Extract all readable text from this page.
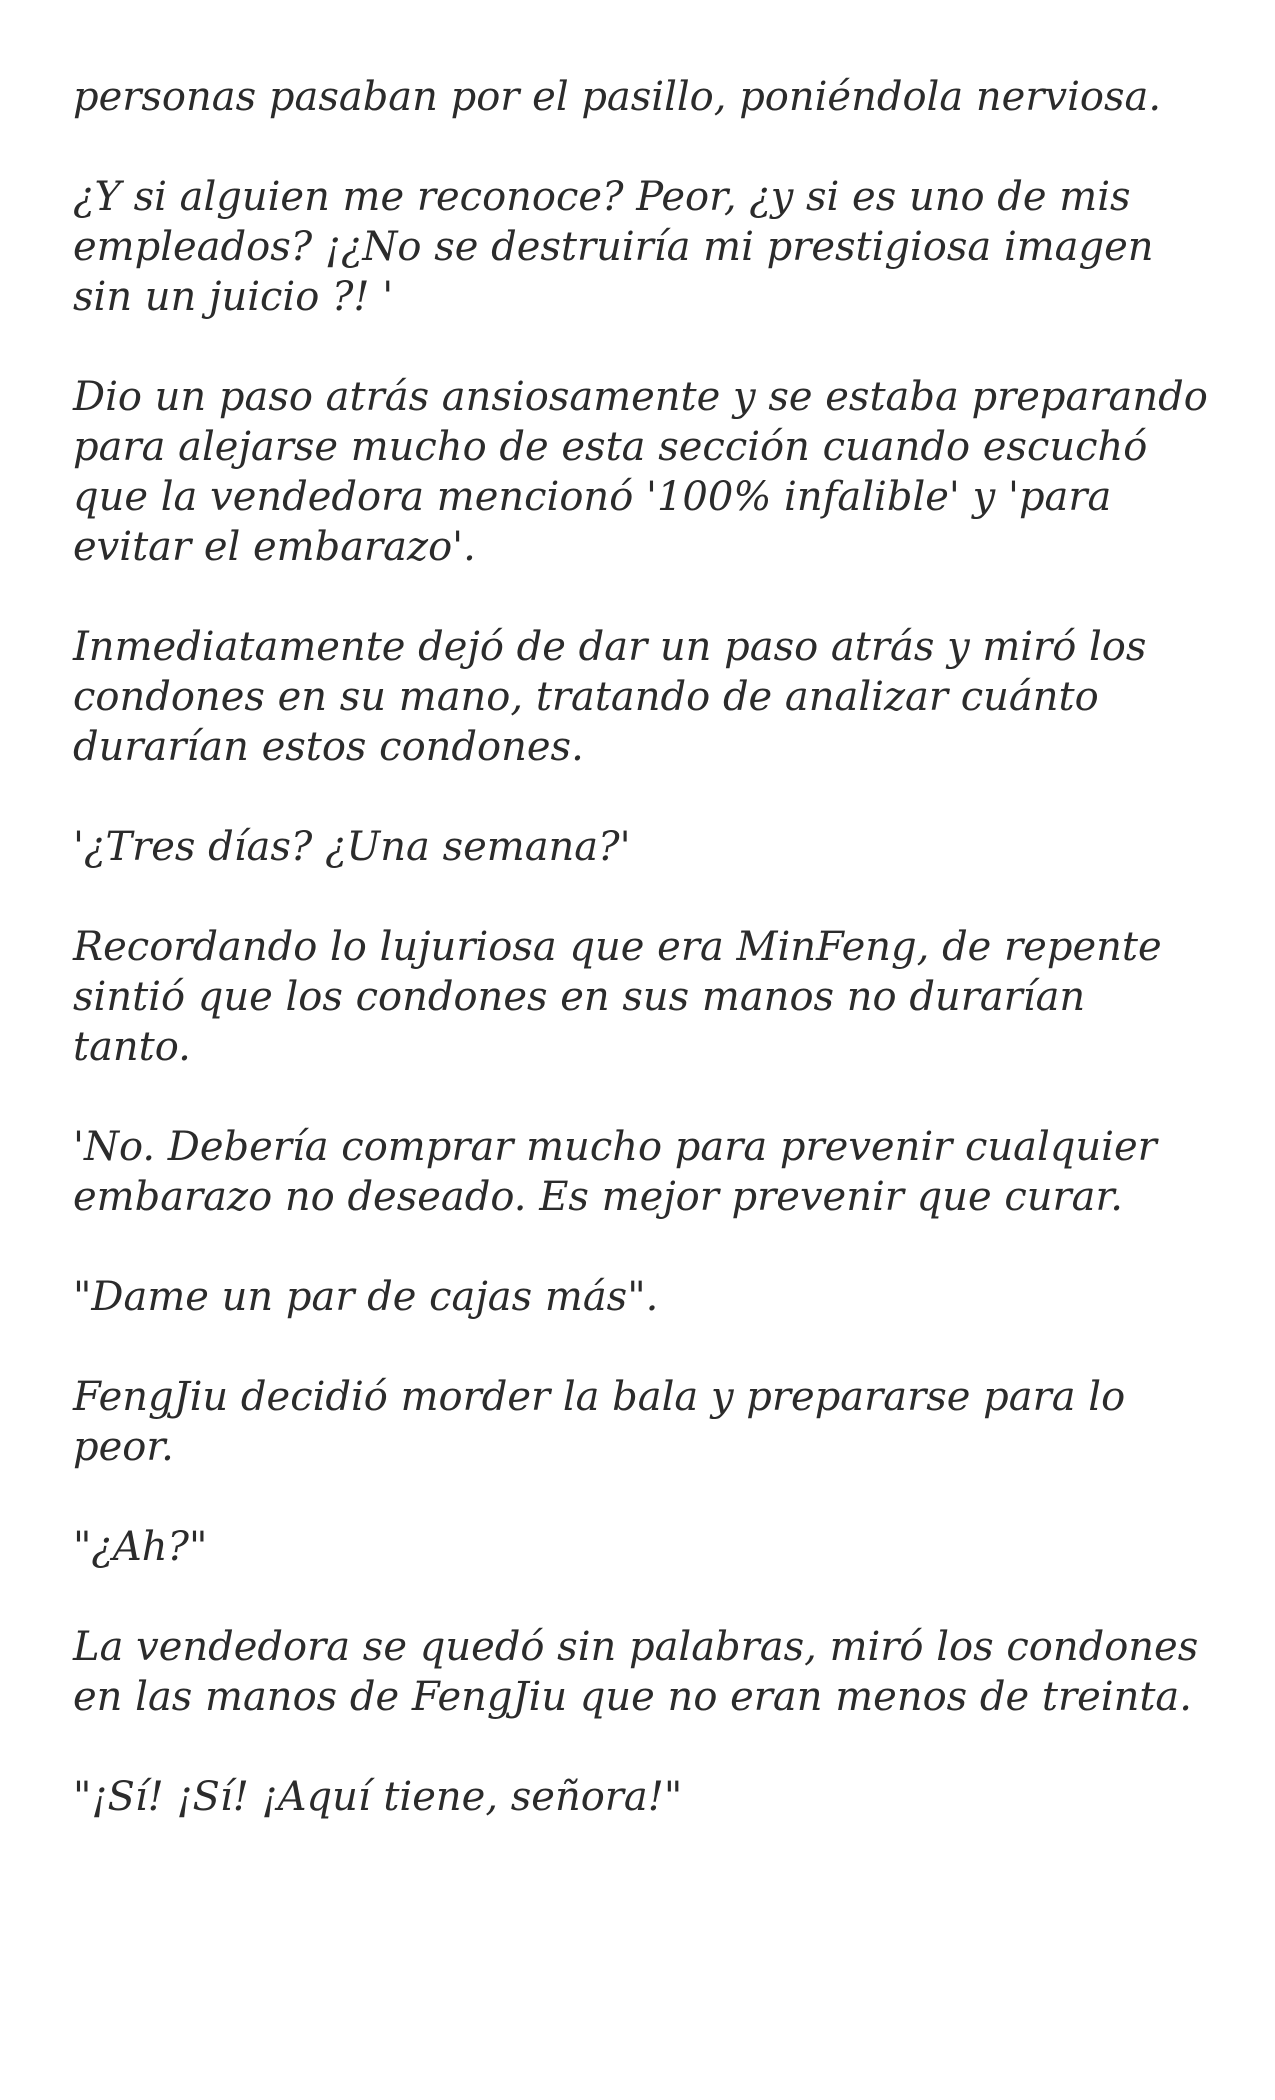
personas pasaban por el pasillo, poniéndola nerviosa.

¿Y si alguien me reconoce? Peor, ¿y si es uno de mis empleados? ¡¿No se destruiría mi prestigiosa imagen sin un juicio ?! '

Dio un paso atrás ansiosamente y se estaba preparando para alejarse mucho de esta sección cuando escuchó que la vendedora mencionó '100% infalible' y 'para evitar el embarazo'.

Inmediatamente dejó de dar un paso atrás y miró los condones en su mano, tratando de analizar cuánto durarían estos condones.

'¿Tres días? ¿Una semana?'

Recordando lo lujuriosa que era MinFeng, de repente sintió que los condones en sus manos no durarían tanto.

'No. Debería comprar mucho para prevenir cualquier embarazo no deseado. Es mejor prevenir que curar.

"Dame un par de cajas más".

FengJiu decidió morder la bala y prepararse para lo peor.

"¿Ah?"

La vendedora se quedó sin palabras, miró los condones en las manos de FengJiu que no eran menos de treinta.

"¡Sí! ¡Sí! ¡Aquí tiene, señora!"
